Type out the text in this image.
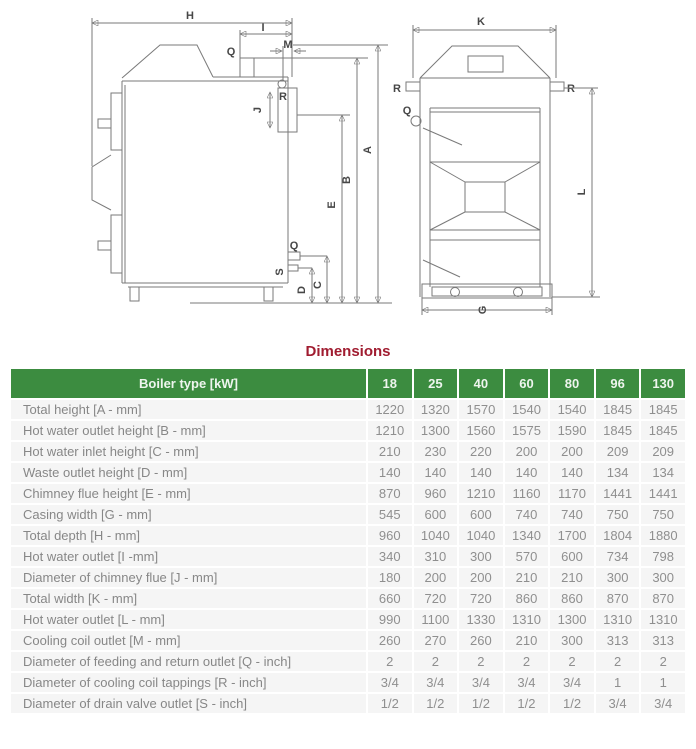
H
I
Q
M
R
J
A
B
E
Q
S
C
D
K
R	R
Q
L
G
Dimensions
Boiler type [kW]	18	25	40	60	80	96	130
Total height [A - mm]	1220	1320	1570	1540	1540	1845	1845
Hot water outlet height [B - mm]	1210	1300	1560	1575	1590	1845	1845
Hot water inlet height [C - mm]	210	230	220	200	200	209	209
Waste outlet height [D - mm]	140	140	140	140	140	134	134
Chimney flue height [E - mm]	870	960	1210	1160	1170	1441	1441
Casing width [G - mm]	545	600	600	740	740	750	750
Total depth [H - mm]	960	1040	1040	1340	1700	1804	1880
Hot water outlet [I -mm]	340	310	300	570	600	734	798
Diameter of chimney flue [J - mm]	180	200	200	210	210	300	300
Total width [K - mm]	660	720	720	860	860	870	870
Hot water outlet [L - mm]	990	1100	1330	1310	1300	1310	1310
Cooling coil outlet [M - mm]	260	270	260	210	300	313	313
Diameter of feeding and return outlet [Q - inch]	2	2	2	2	2	2	2
Diameter of cooling coil tappings [R - inch]	3/4	3/4	3/4	3/4	3/4	1	1
Diameter of drain valve outlet [S - inch]	1/2	1/2	1/2	1/2	1/2	3/4	3/4
